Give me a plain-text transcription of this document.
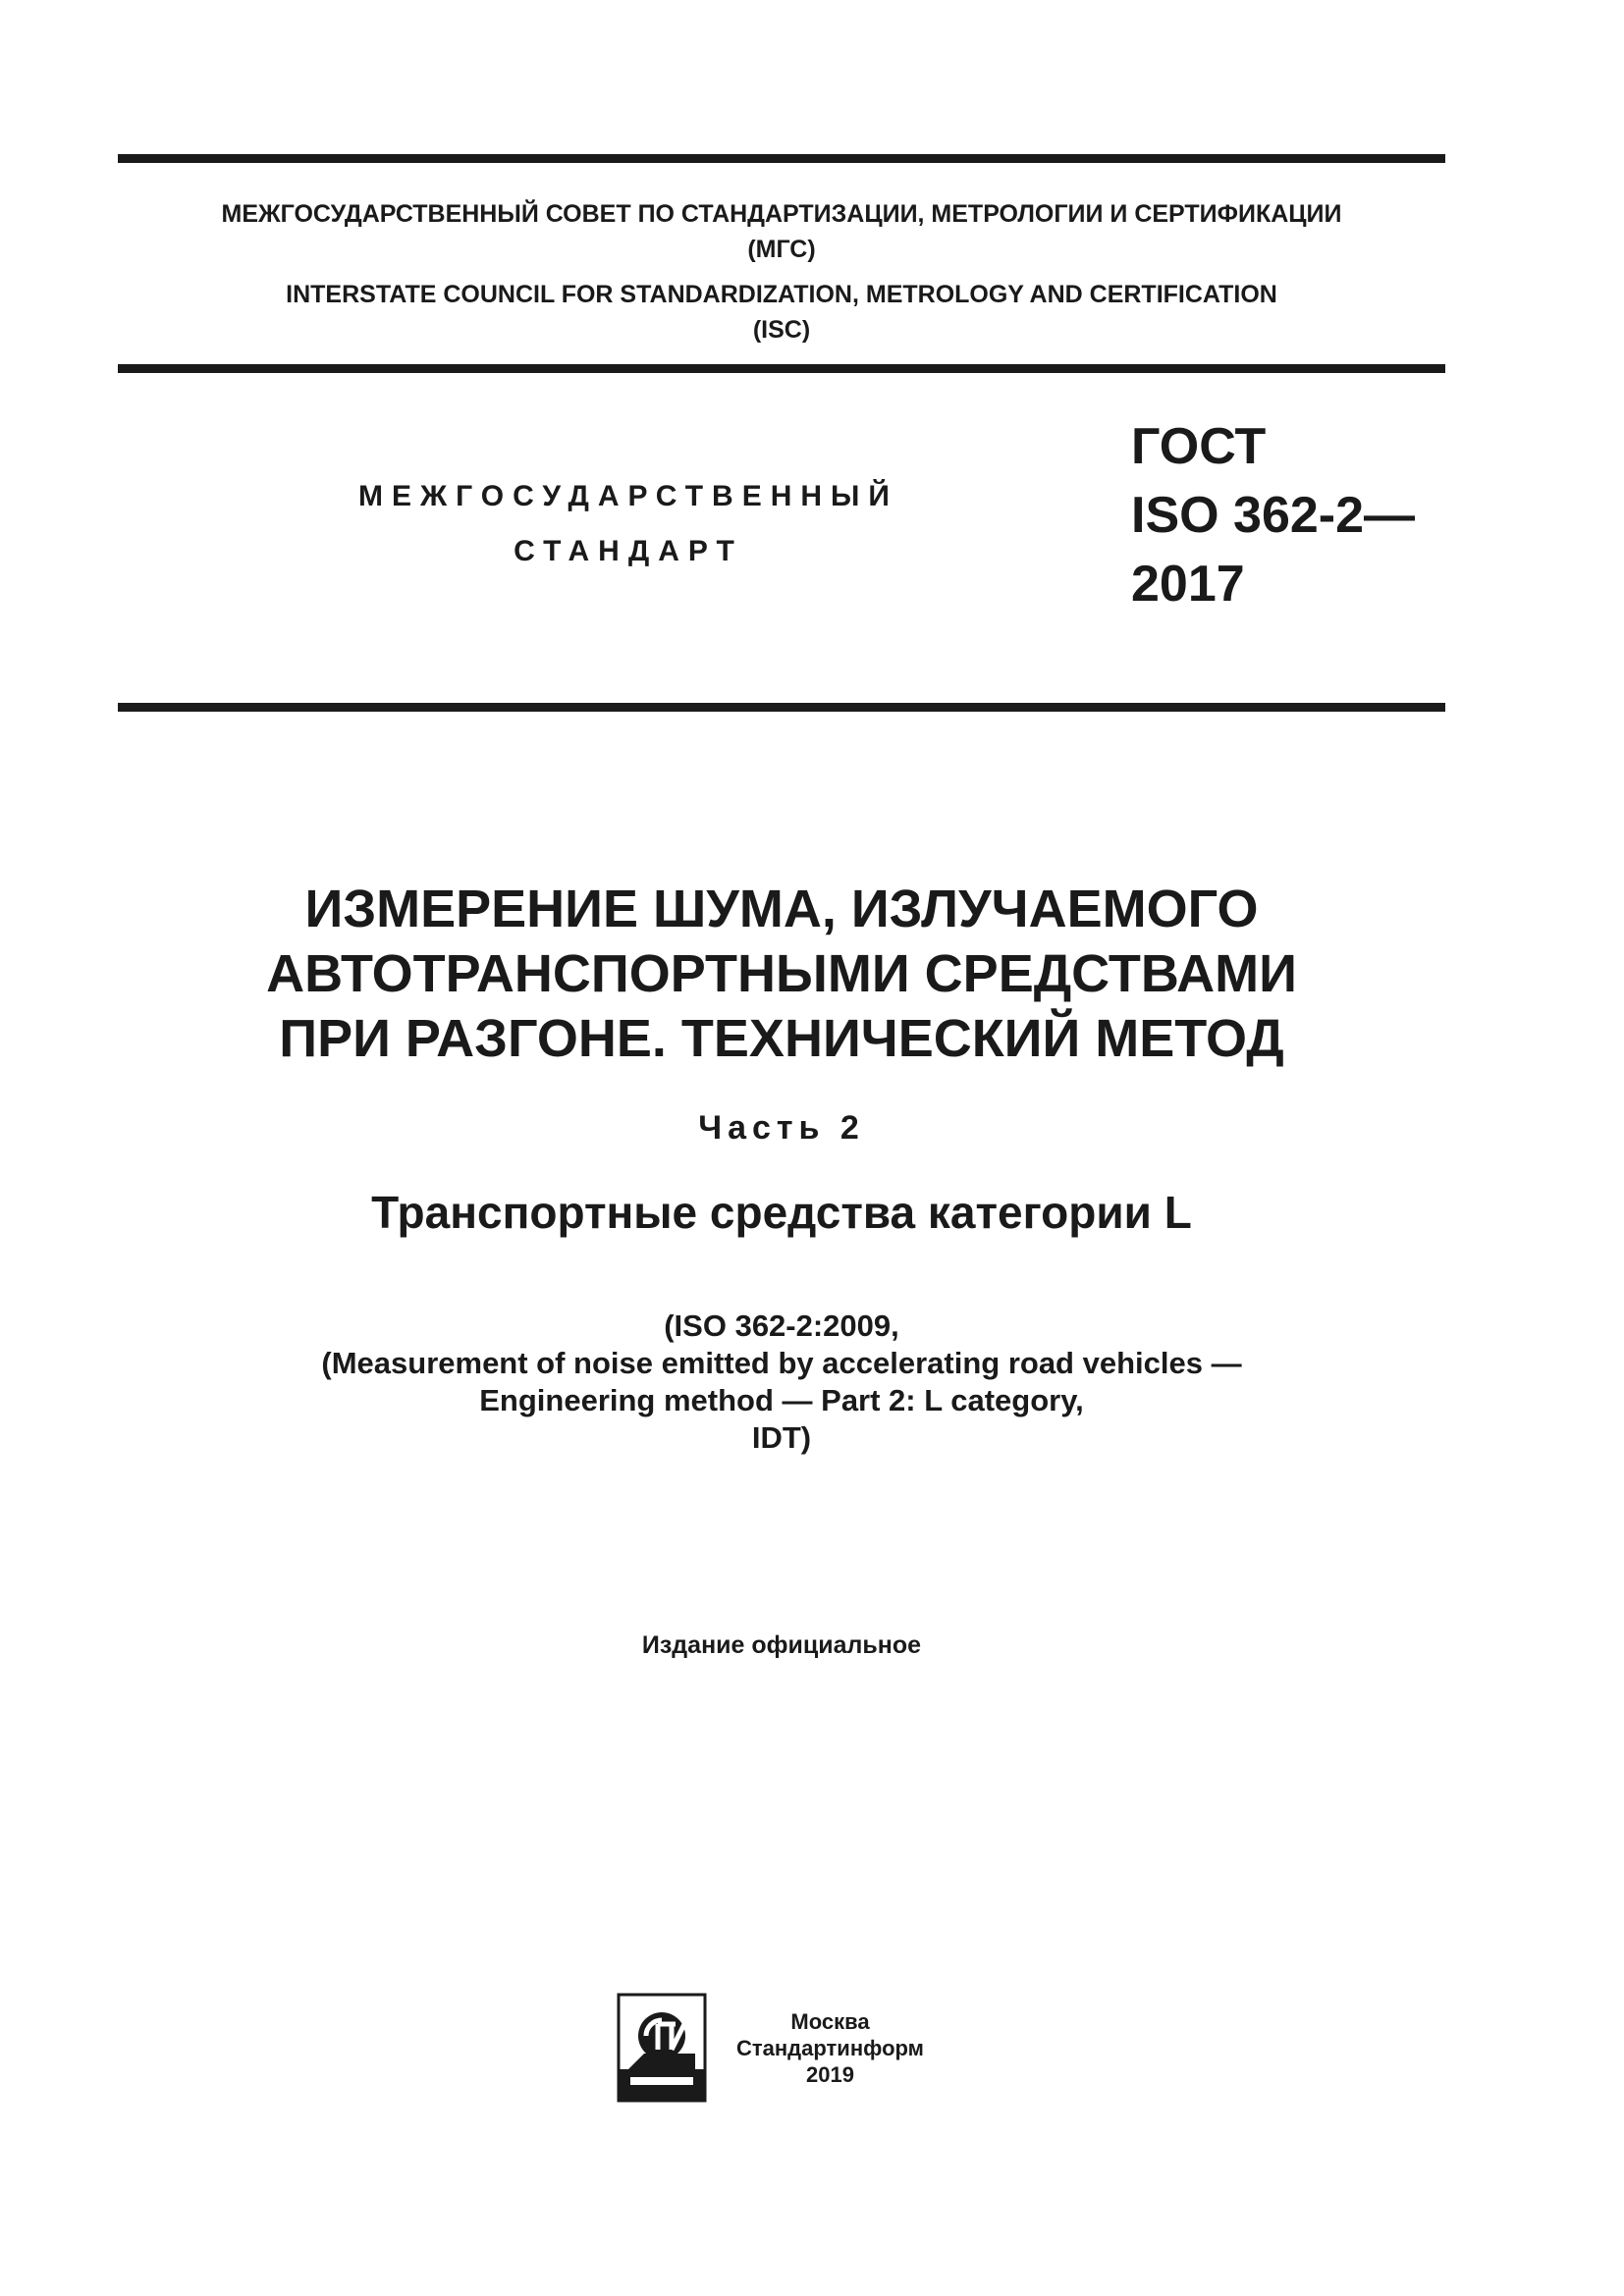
МЕЖГОСУДАРСТВЕННЫЙ СОВЕТ ПО СТАНДАРТИЗАЦИИ, МЕТРОЛОГИИ И СЕРТИФИКАЦИИ
(МГС)
INTERSTATE COUNCIL FOR STANDARDIZATION, METROLOGY AND CERTIFICATION
(ISC)
МЕЖГОСУДАРСТВЕННЫЙ
СТАНДАРТ
ГОСТ
ISO 362-2—
2017
ИЗМЕРЕНИЕ ШУМА, ИЗЛУЧАЕМОГО
АВТОТРАНСПОРТНЫМИ СРЕДСТВАМИ
ПРИ РАЗГОНЕ. ТЕХНИЧЕСКИЙ МЕТОД
Часть 2
Транспортные средства категории L
(ISO 362-2:2009,
(Measurement of noise emitted by accelerating road vehicles —
Engineering method — Part 2: L category,
IDT)
Издание официальное
Москва
Стандартинформ
2019
